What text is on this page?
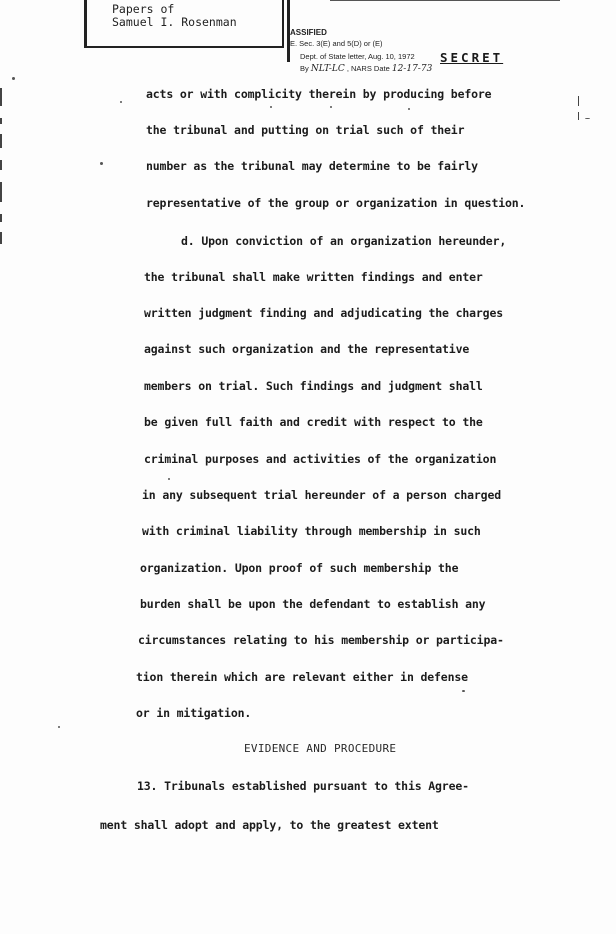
Papers of
Samuel I. Rosenman
ASSIFIED
E. Sec. 3(E) and 5(D) or (E)
Dept. of State letter, Aug. 10, 1972
By NLT-LC , NARS Date 12-17-73
SECRET
acts or with complicity therein by producing before
the tribunal and putting on trial such of their
number as the tribunal may determine to be fairly
representative of the group or organization in question.
d. Upon conviction of an organization hereunder,
the tribunal shall make written findings and enter
written judgment finding and adjudicating the charges
against such organization and the representative
members on trial. Such findings and judgment shall
be given full faith and credit with respect to the
criminal purposes and activities of the organization
in any subsequent trial hereunder of a person charged
with criminal liability through membership in such
organization. Upon proof of such membership the
burden shall be upon the defendant to establish any
circumstances relating to his membership or participa-
tion therein which are relevant either in defense
or in mitigation.
EVIDENCE AND PROCEDURE
13. Tribunals established pursuant to this Agree-
ment shall adopt and apply, to the greatest extent
